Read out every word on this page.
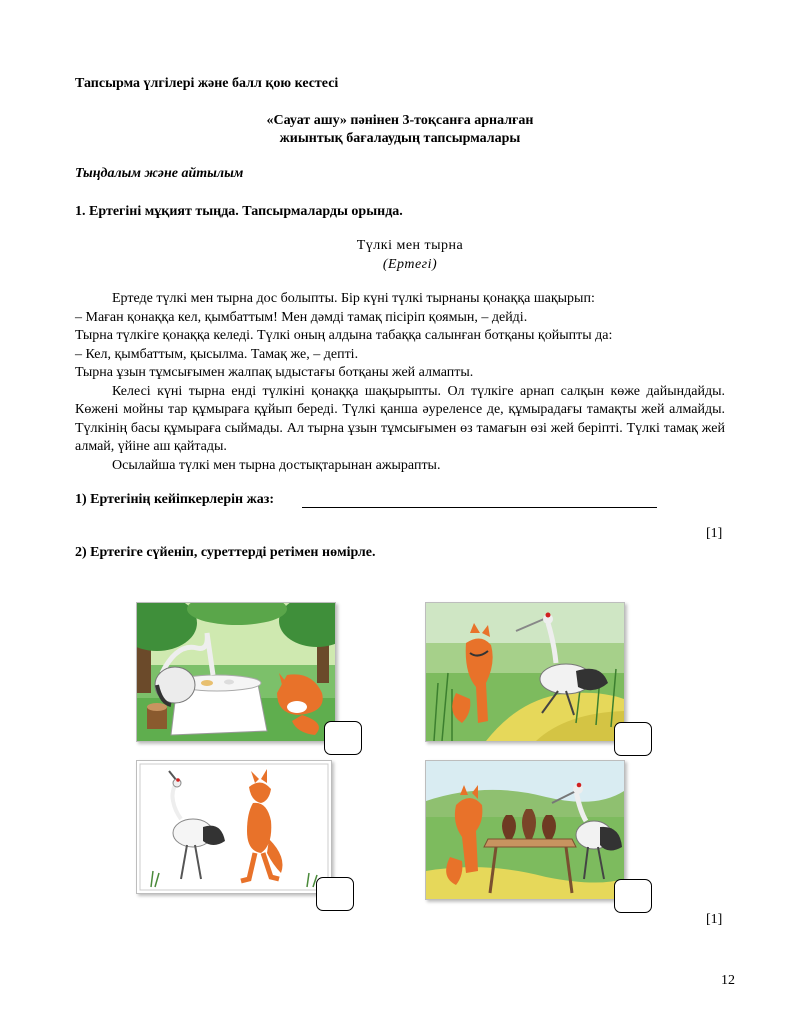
Тапсырма үлгілері және балл қою кестесі
«Сауат ашу» пәнінен 3-тоқсанға арналған
жиынтық бағалаудың тапсырмалары
Тыңдалым және айтылым
1. Ертегіні мұқият тыңда. Тапсырмаларды орында.
Түлкі мен тырна
(Ертегі)

Ертеде түлкі мен тырна дос болыпты. Бір күні түлкі тырнаны қонаққа шақырып:

– Маған қонаққа кел, қымбаттым! Мен дәмді тамақ пісіріп қоямын, – дейді.

Тырна түлкіге қонаққа келеді. Түлкі оның алдына табаққа салынған ботқаны қойыпты да:

– Кел, қымбаттым, қысылма. Тамақ же, – депті.

Тырна ұзын тұмсығымен жалпақ ыдыстағы ботқаны жей алмапты.

Келесі күні тырна енді түлкіні қонаққа шақырыпты. Ол түлкіге арнап салқын көже дайындайды. Көжені мойны тар құмыраға құйып береді. Түлкі қанша әуреленсе де, құмырадағы тамақты жей алмайды. Түлкінің басы құмыраға сыймады. Ал тырна ұзын тұмсығымен өз тамағын өзі жей беріпті. Түлкі тамақ жей алмай, үйіне аш қайтады.

Осылайша түлкі мен тырна достықтарынан ажырапты.

1) Ертегінің кейіпкерлерін жаз:
[1]
2) Ертегіге сүйеніп, суреттерді ретімен нөмірле.
[1]
12
